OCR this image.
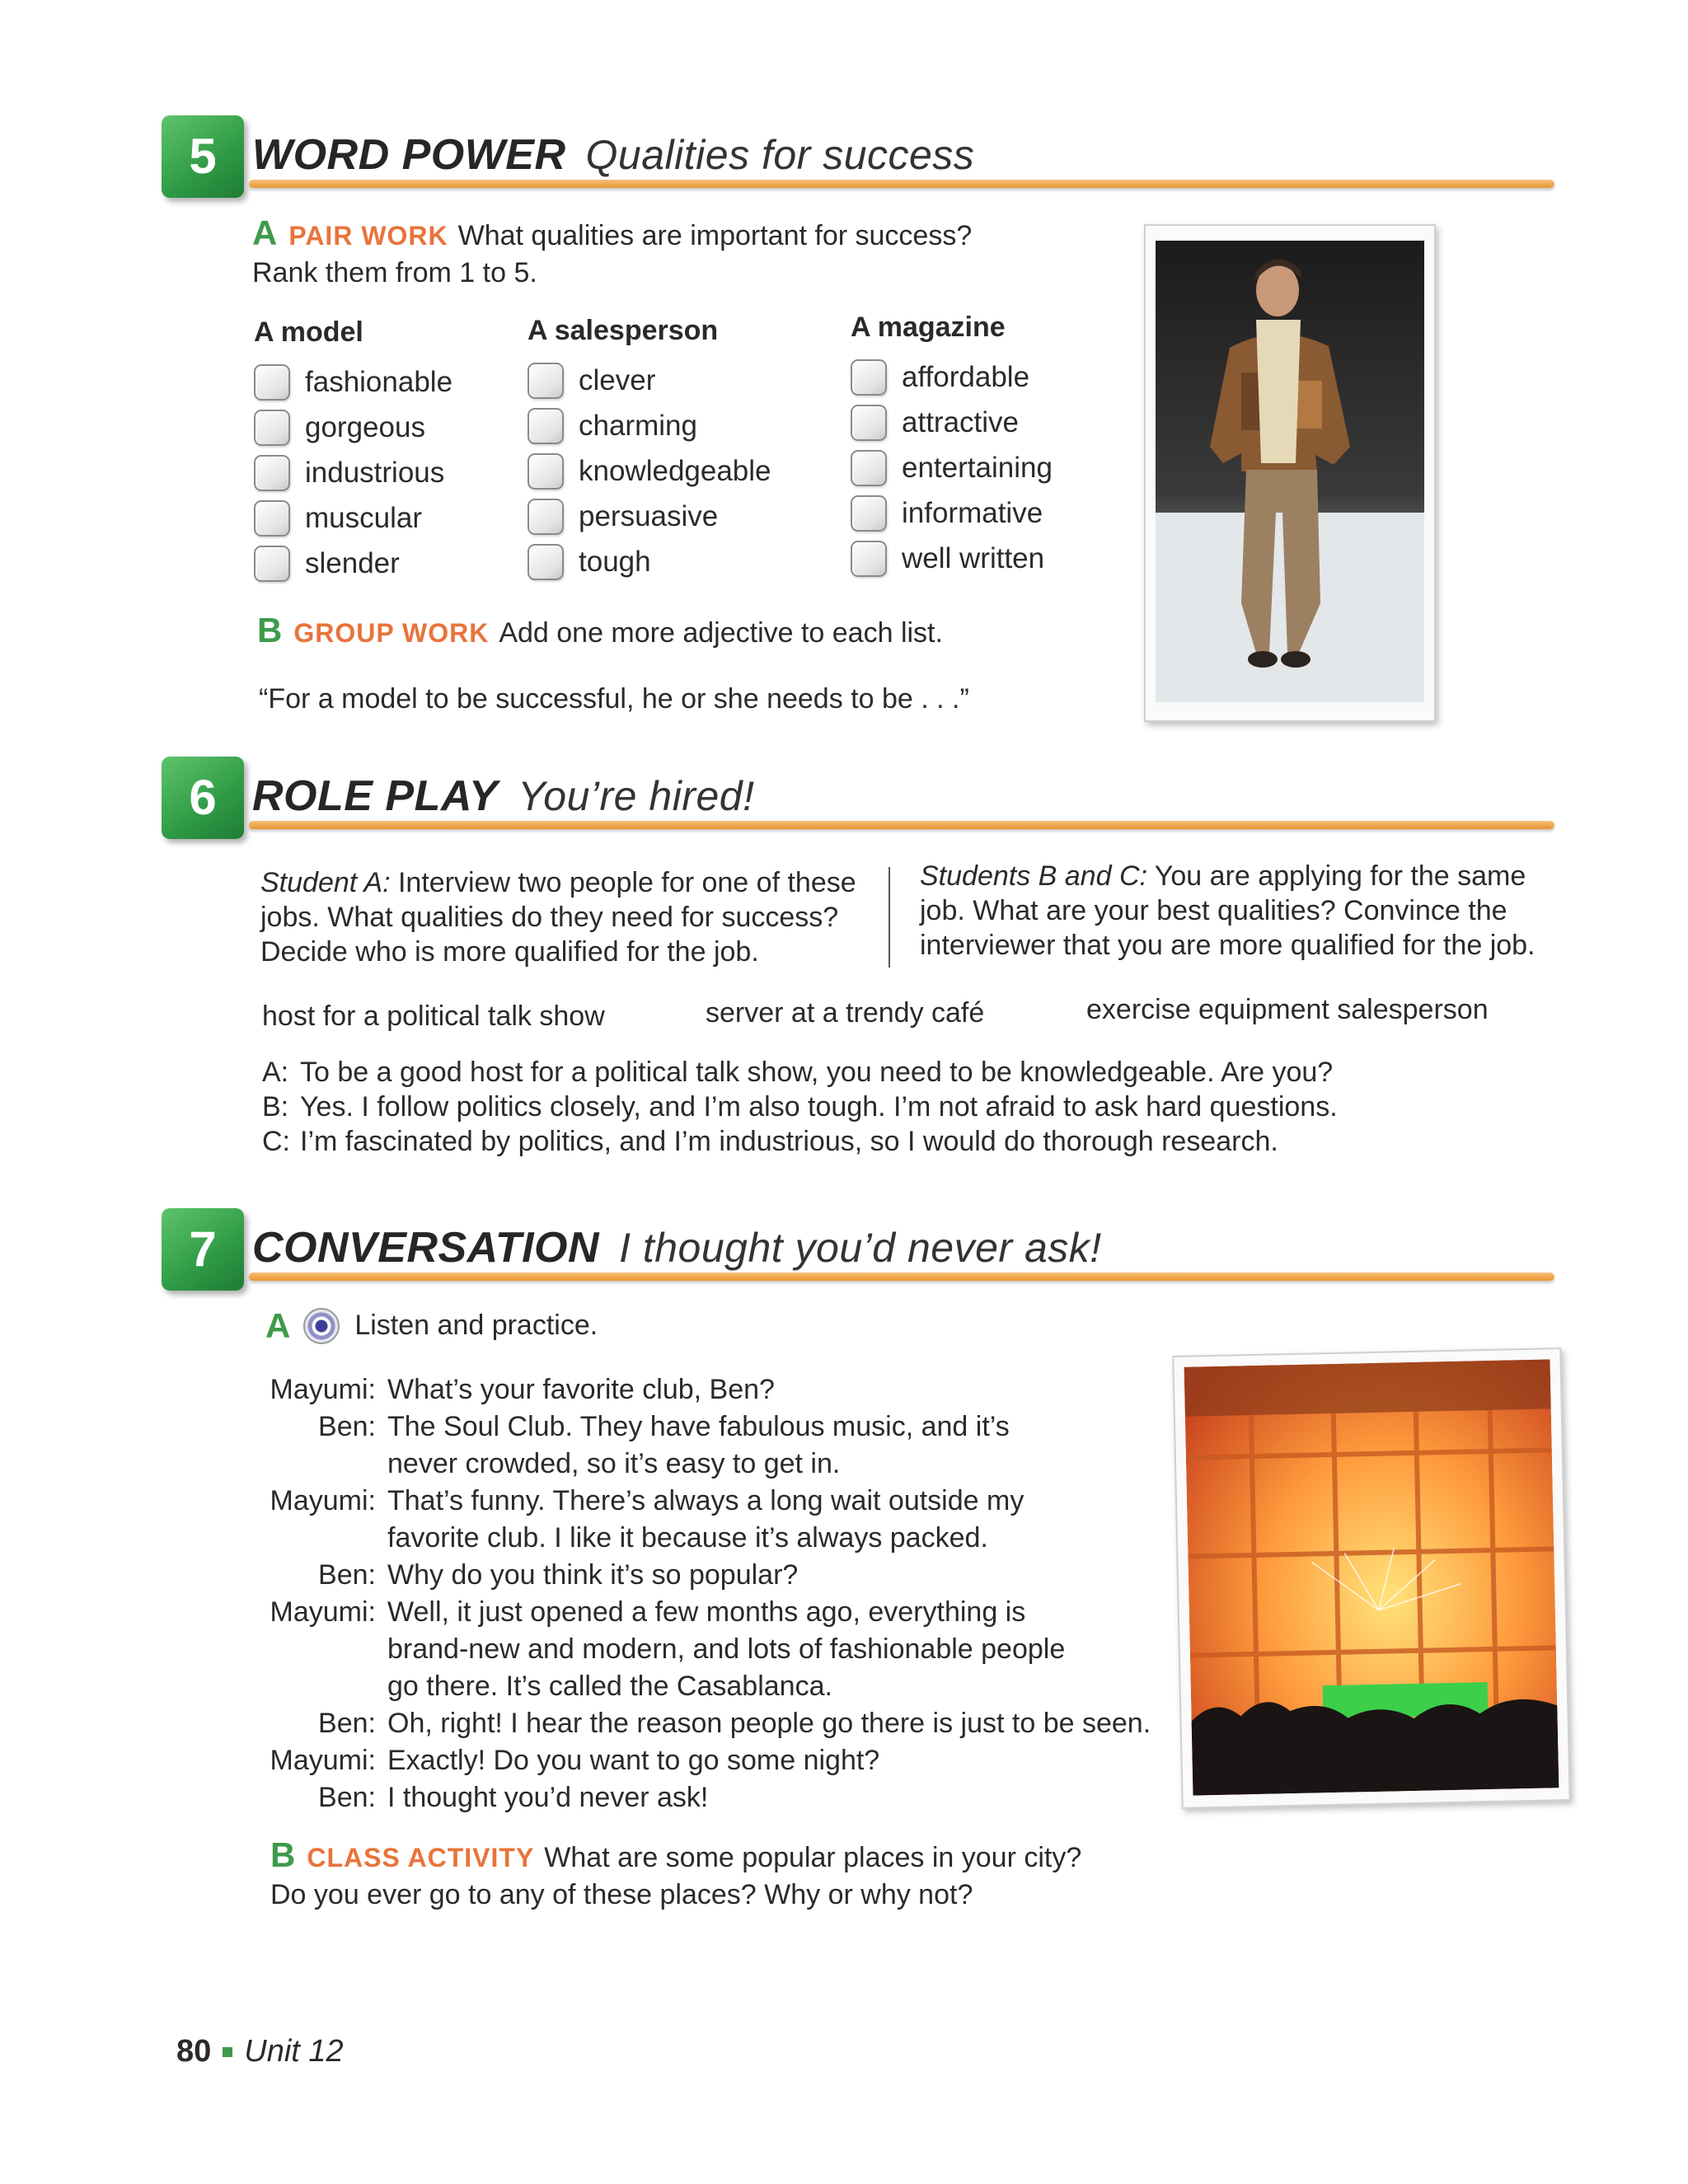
5 WORD POWER Qualities for success
A PAIR WORK What qualities are important for success?
Rank them from 1 to 5.
A model
fashionable
gorgeous
industrious
muscular
slender
A salesperson
clever
charming
knowledgeable
persuasive
tough
A magazine
affordable
attractive
entertaining
informative
well written
B GROUP WORK Add one more adjective to each list.
“For a model to be successful, he or she needs to be . . .”
6 ROLE PLAY You’re hired!
Student A: Interview two people for one of these
jobs. What qualities do they need for success?
Decide who is more qualified for the job.
Students B and C: You are applying for the same
job. What are your best qualities? Convince the
interviewer that you are more qualified for the job.
host for a political talk show	server at a trendy café	exercise equipment salesperson
A: To be a good host for a political talk show, you need to be knowledgeable. Are you?
B: Yes. I follow politics closely, and I’m also tough. I’m not afraid to ask hard questions.
C: I’m fascinated by politics, and I’m industrious, so I would do thorough research.
7 CONVERSATION I thought you’d never ask!
A Listen and practice.
Mayumi: What’s your favorite club, Ben?
Ben: The Soul Club. They have fabulous music, and it’s never crowded, so it’s easy to get in.
Mayumi: That’s funny. There’s always a long wait outside my favorite club. I like it because it’s always packed.
Ben: Why do you think it’s so popular?
Mayumi: Well, it just opened a few months ago, everything is brand-new and modern, and lots of fashionable people go there. It’s called the Casablanca.
Ben: Oh, right! I hear the reason people go there is just to be seen.
Mayumi: Exactly! Do you want to go some night?
Ben: I thought you’d never ask!
B CLASS ACTIVITY What are some popular places in your city?
Do you ever go to any of these places? Why or why not?
80 Unit 12
